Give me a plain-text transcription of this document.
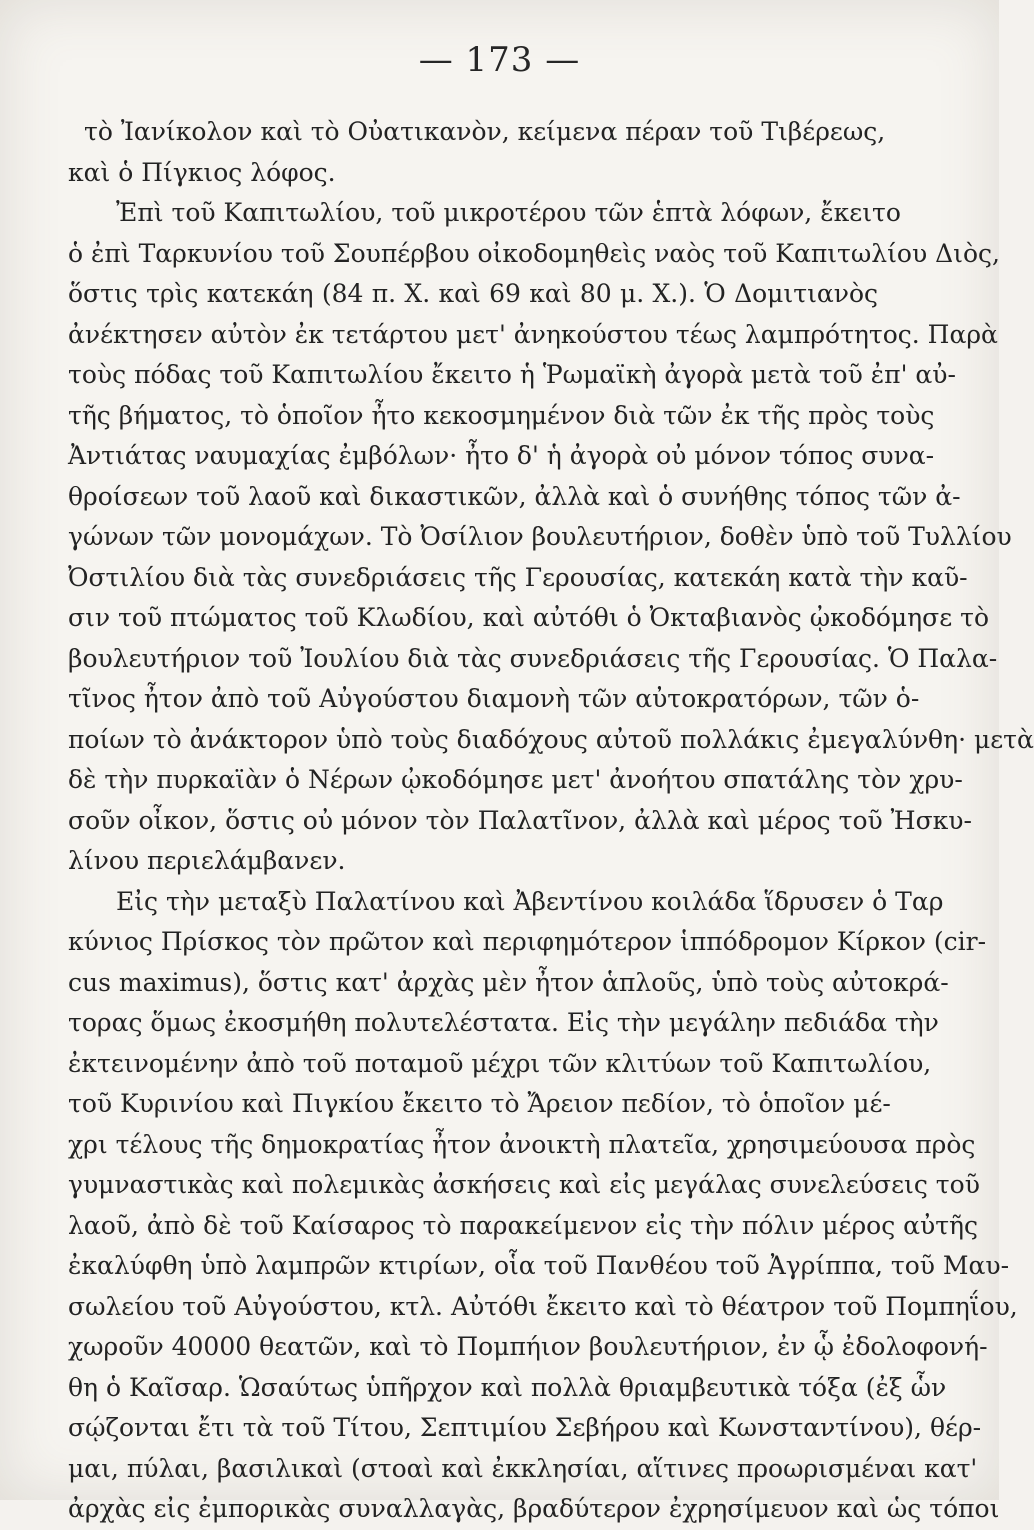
— 173 —
τὸ Ἰανίκολον καὶ τὸ Οὐατικανὸν, κείμενα πέραν τοῦ Τιβέρεως,
καὶ ὁ Πίγκιος λόφος.
Ἐπὶ τοῦ Καπιτωλίου, τοῦ μικροτέρου τῶν ἑπτὰ λόφων, ἔκειτο
ὁ ἐπὶ Ταρκυνίου τοῦ Σουπέρβου οἰκοδομηθεὶς ναὸς τοῦ Καπιτωλίου Διὸς,
ὅστις τρὶς κατεκάη (84 π. Χ. καὶ 69 καὶ 80 μ. Χ.). Ὁ Δομιτιανὸς
ἀνέκτησεν αὐτὸν ἐκ τετάρτου μετ' ἀνηκούστου τέως λαμπρότητος. Παρὰ
τοὺς πόδας τοῦ Καπιτωλίου ἔκειτο ἡ Ῥωμαϊκὴ ἀγορὰ μετὰ τοῦ ἐπ' αὐ-
τῆς βήματος, τὸ ὁποῖον ἦτο κεκοσμημένον διὰ τῶν ἐκ τῆς πρὸς τοὺς
Ἀντιάτας ναυμαχίας ἐμβόλων· ἦτο δ' ἡ ἀγορὰ οὐ μόνον τόπος συνα-
θροίσεων τοῦ λαοῦ καὶ δικαστικῶν, ἀλλὰ καὶ ὁ συνήθης τόπος τῶν ἀ-
γώνων τῶν μονομάχων. Τὸ Ὀσίλιον βουλευτήριον, δοθὲν ὑπὸ τοῦ Τυλλίου
Ὀστιλίου διὰ τὰς συνεδριάσεις τῆς Γερουσίας, κατεκάη κατὰ τὴν καῦ-
σιν τοῦ πτώματος τοῦ Κλωδίου, καὶ αὐτόθι ὁ Ὀκταβιανὸς ᾠκοδόμησε τὸ
βουλευτήριον τοῦ Ἰουλίου διὰ τὰς συνεδριάσεις τῆς Γερουσίας. Ὁ Παλα-
τῖνος ἦτον ἀπὸ τοῦ Αὐγούστου διαμονὴ τῶν αὐτοκρατόρων, τῶν ὁ-
ποίων τὸ ἀνάκτορον ὑπὸ τοὺς διαδόχους αὐτοῦ πολλάκις ἐμεγαλύνθη· μετὰ
δὲ τὴν πυρκαϊὰν ὁ Νέρων ᾠκοδόμησε μετ' ἀνοήτου σπατάλης τὸν χρυ-
σοῦν οἶκον, ὅστις οὐ μόνον τὸν Παλατῖνον, ἀλλὰ καὶ μέρος τοῦ Ἠσκυ-
λίνου περιελάμβανεν.
Εἰς τὴν μεταξὺ Παλατίνου καὶ Ἀβεντίνου κοιλάδα ἵδρυσεν ὁ Ταρ
κύνιος Πρίσκος τὸν πρῶτον καὶ περιφημότερον ἱππόδρομον Κίρκον (cir-
cus maximus), ὅστις κατ' ἀρχὰς μὲν ἦτον ἁπλοῦς, ὑπὸ τοὺς αὐτοκρά-
τορας ὅμως ἐκοσμήθη πολυτελέστατα. Εἰς τὴν μεγάλην πεδιάδα τὴν
ἐκτεινομένην ἀπὸ τοῦ ποταμοῦ μέχρι τῶν κλιτύων τοῦ Καπιτωλίου,
τοῦ Κυρινίου καὶ Πιγκίου ἔκειτο τὸ Ἄρειον πεδίον, τὸ ὁποῖον μέ-
χρι τέλους τῆς δημοκρατίας ἦτον ἀνοικτὴ πλατεῖα, χρησιμεύουσα πρὸς
γυμναστικὰς καὶ πολεμικὰς ἀσκήσεις καὶ εἰς μεγάλας συνελεύσεις τοῦ
λαοῦ, ἀπὸ δὲ τοῦ Καίσαρος τὸ παρακείμενον εἰς τὴν πόλιν μέρος αὐτῆς
ἐκαλύφθη ὑπὸ λαμπρῶν κτιρίων, οἷα τοῦ Πανθέου τοῦ Ἀγρίππα, τοῦ Μαυ-
σωλείου τοῦ Αὐγούστου, κτλ. Αὐτόθι ἔκειτο καὶ τὸ θέατρον τοῦ Πομπηΐου,
χωροῦν 40000 θεατῶν, καὶ τὸ Πομπήιον βουλευτήριον, ἐν ᾧ ἐδολοφονή-
θη ὁ Καῖσαρ. Ὡσαύτως ὑπῆρχον καὶ πολλὰ θριαμβευτικὰ τόξα (ἐξ ὧν
σῴζονται ἔτι τὰ τοῦ Τίτου, Σεπτιμίου Σεβήρου καὶ Κωνσταντίνου), θέρ-
μαι, πύλαι, βασιλικαὶ (στοαὶ καὶ ἐκκλησίαι, αἵτινες προωρισμέναι κατ'
ἀρχὰς εἰς ἐμπορικὰς συναλλαγὰς, βραδύτερον ἐχρησίμευον καὶ ὡς τόποι
